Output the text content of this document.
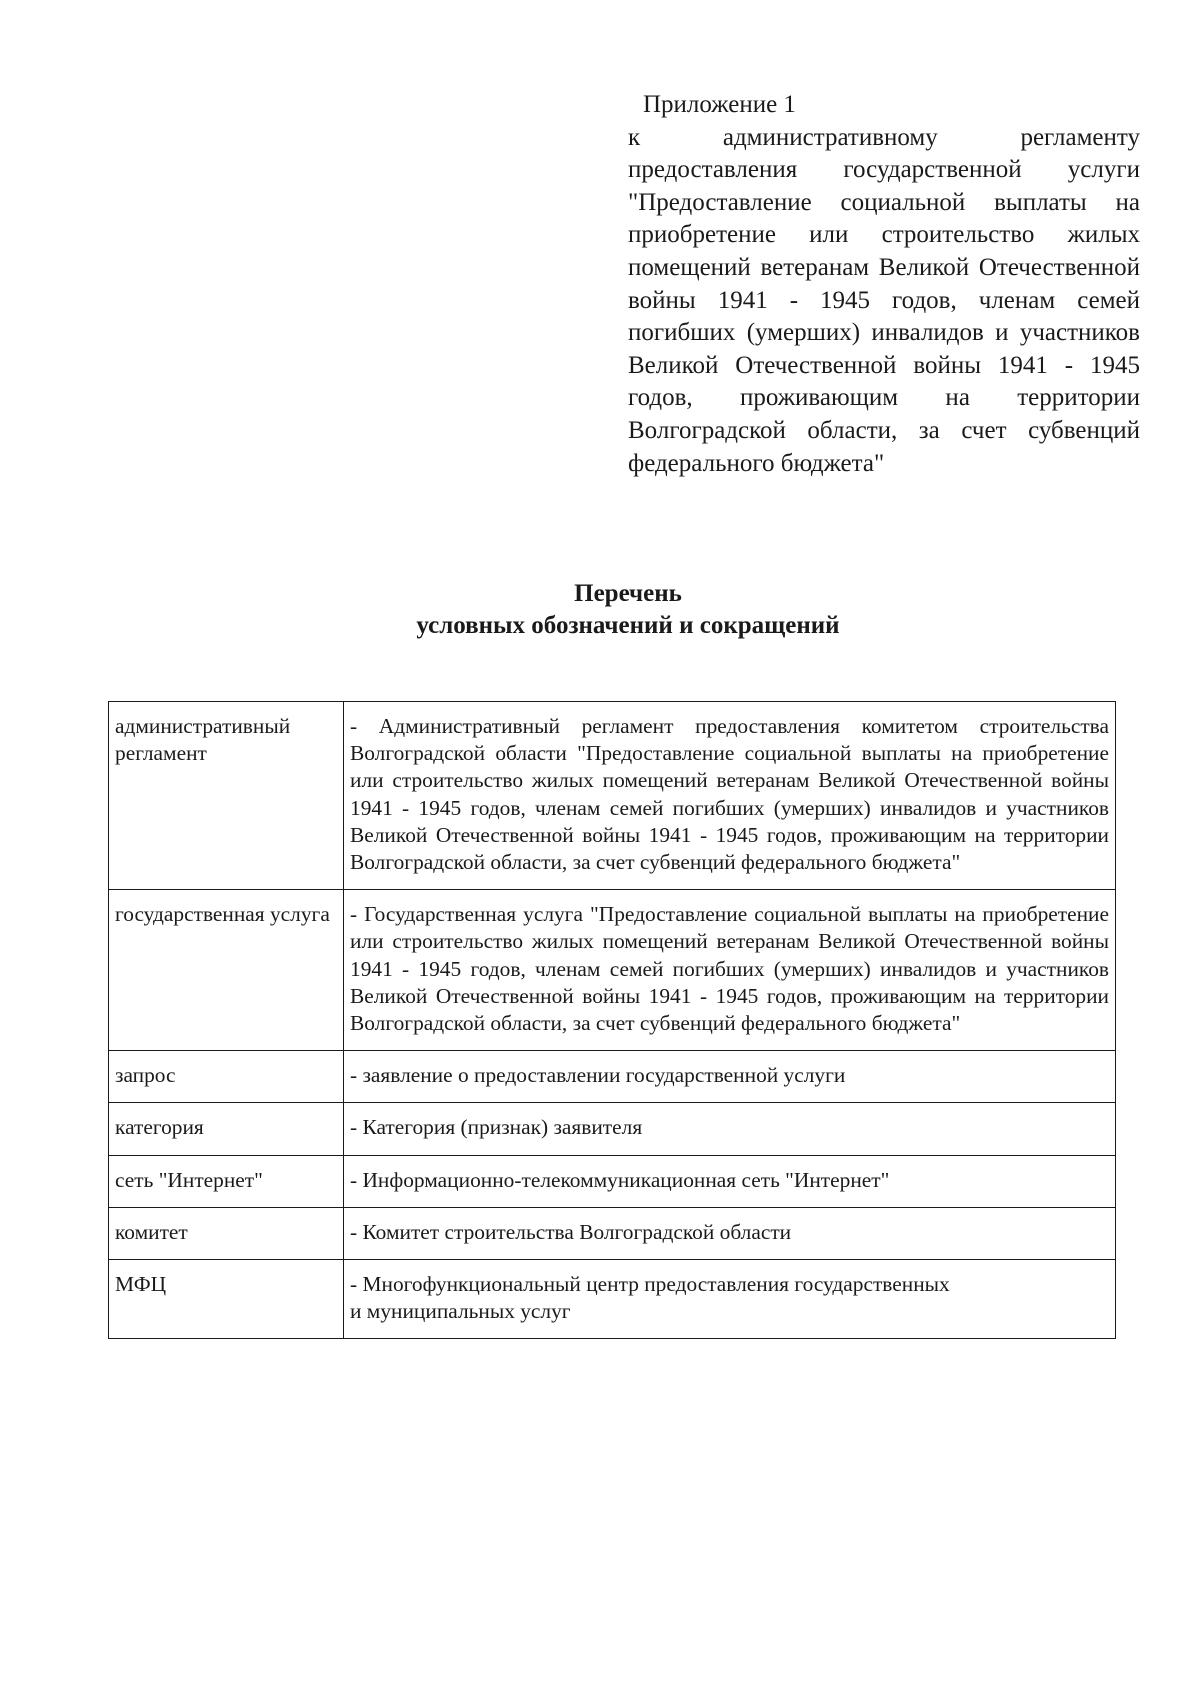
Приложение 1
к административному регламенту предоставления государственной услуги "Предоставление социальной выплаты на приобретение или строительство жилых помещений ветеранам Великой Отечественной войны 1941 - 1945 годов, членам семей погибших (умерших) инвалидов и участников Великой Отечественной войны 1941 - 1945 годов, проживающим на территории Волгоградской области, за счет субвенций федерального бюджета"
Перечень
условных обозначений и сокращений
административный регламент	- Административный регламент предоставления комитетом строительства Волгоградской области "Предоставление социальной выплаты на приобретение или строительство жилых помещений ветеранам Великой Отечественной войны 1941 - 1945 годов, членам семей погибших (умерших) инвалидов и участников Великой Отечественной войны 1941 - 1945 годов, проживающим на территории Волгоградской области, за счет субвенций федерального бюджета"
государственная услуга	- Государственная услуга "Предоставление социальной выплаты на приобретение или строительство жилых помещений ветеранам Великой Отечественной войны 1941 - 1945 годов, членам семей погибших (умерших) инвалидов и участников Великой Отечественной войны 1941 - 1945 годов, проживающим на территории Волгоградской области, за счет субвенций федерального бюджета"
запрос	- заявление о предоставлении государственной услуги
категория	- Категория (признак) заявителя
сеть "Интернет"	- Информационно-телекоммуникационная сеть "Интернет"
комитет	- Комитет строительства Волгоградской области
МФЦ	- Многофункциональный центр предоставления государственных
и муниципальных услуг
